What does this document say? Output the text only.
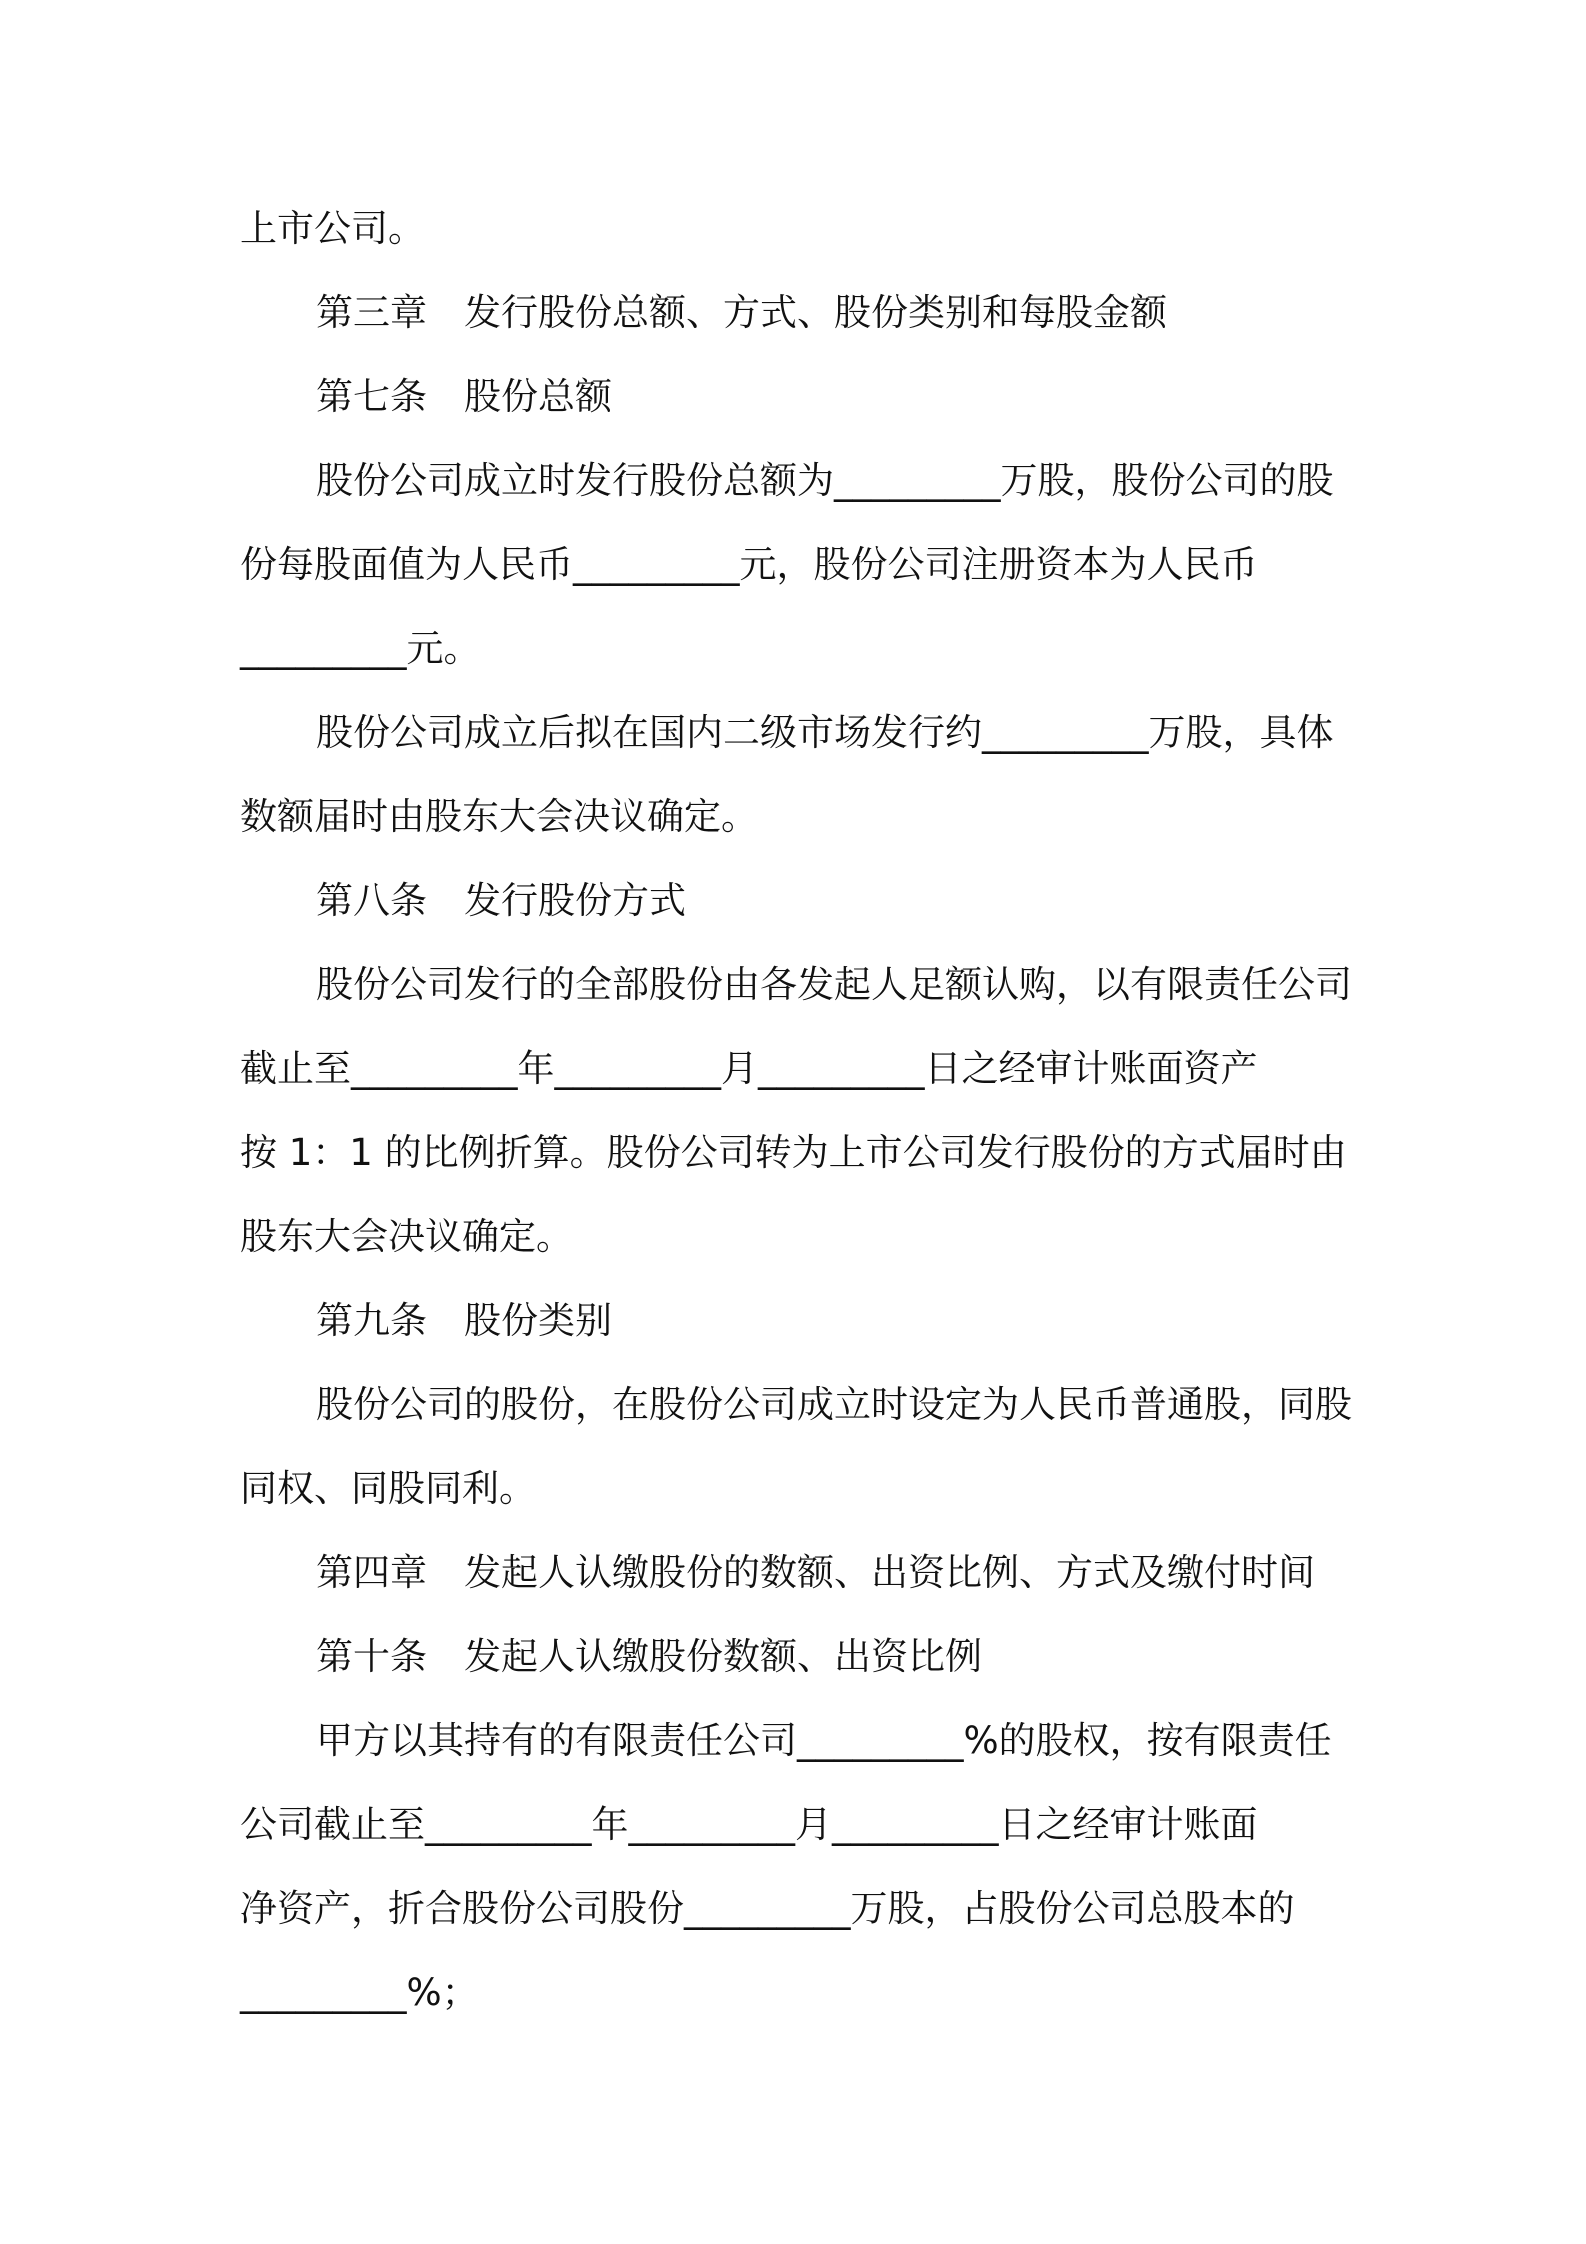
上市公司。
第三章　发行股份总额、方式、股份类别和每股金额
第七条　股份总额
股份公司成立时发行股份总额为_________万股，股份公司的股
份每股面值为人民币_________元，股份公司注册资本为人民币
_________元。
股份公司成立后拟在国内二级市场发行约_________万股，具体
数额届时由股东大会决议确定。
第八条　发行股份方式
股份公司发行的全部股份由各发起人足额认购，以有限责任公司
截止至_________年_________月_________日之经审计账面资产
按 1：1 的比例折算。股份公司转为上市公司发行股份的方式届时由
股东大会决议确定。
第九条　股份类别
股份公司的股份，在股份公司成立时设定为人民币普通股，同股
同权、同股同利。
第四章　发起人认缴股份的数额、出资比例、方式及缴付时间
第十条　发起人认缴股份数额、出资比例
甲方以其持有的有限责任公司_________%的股权，按有限责任
公司截止至_________年_________月_________日之经审计账面
净资产，折合股份公司股份_________万股，占股份公司总股本的
_________%；
